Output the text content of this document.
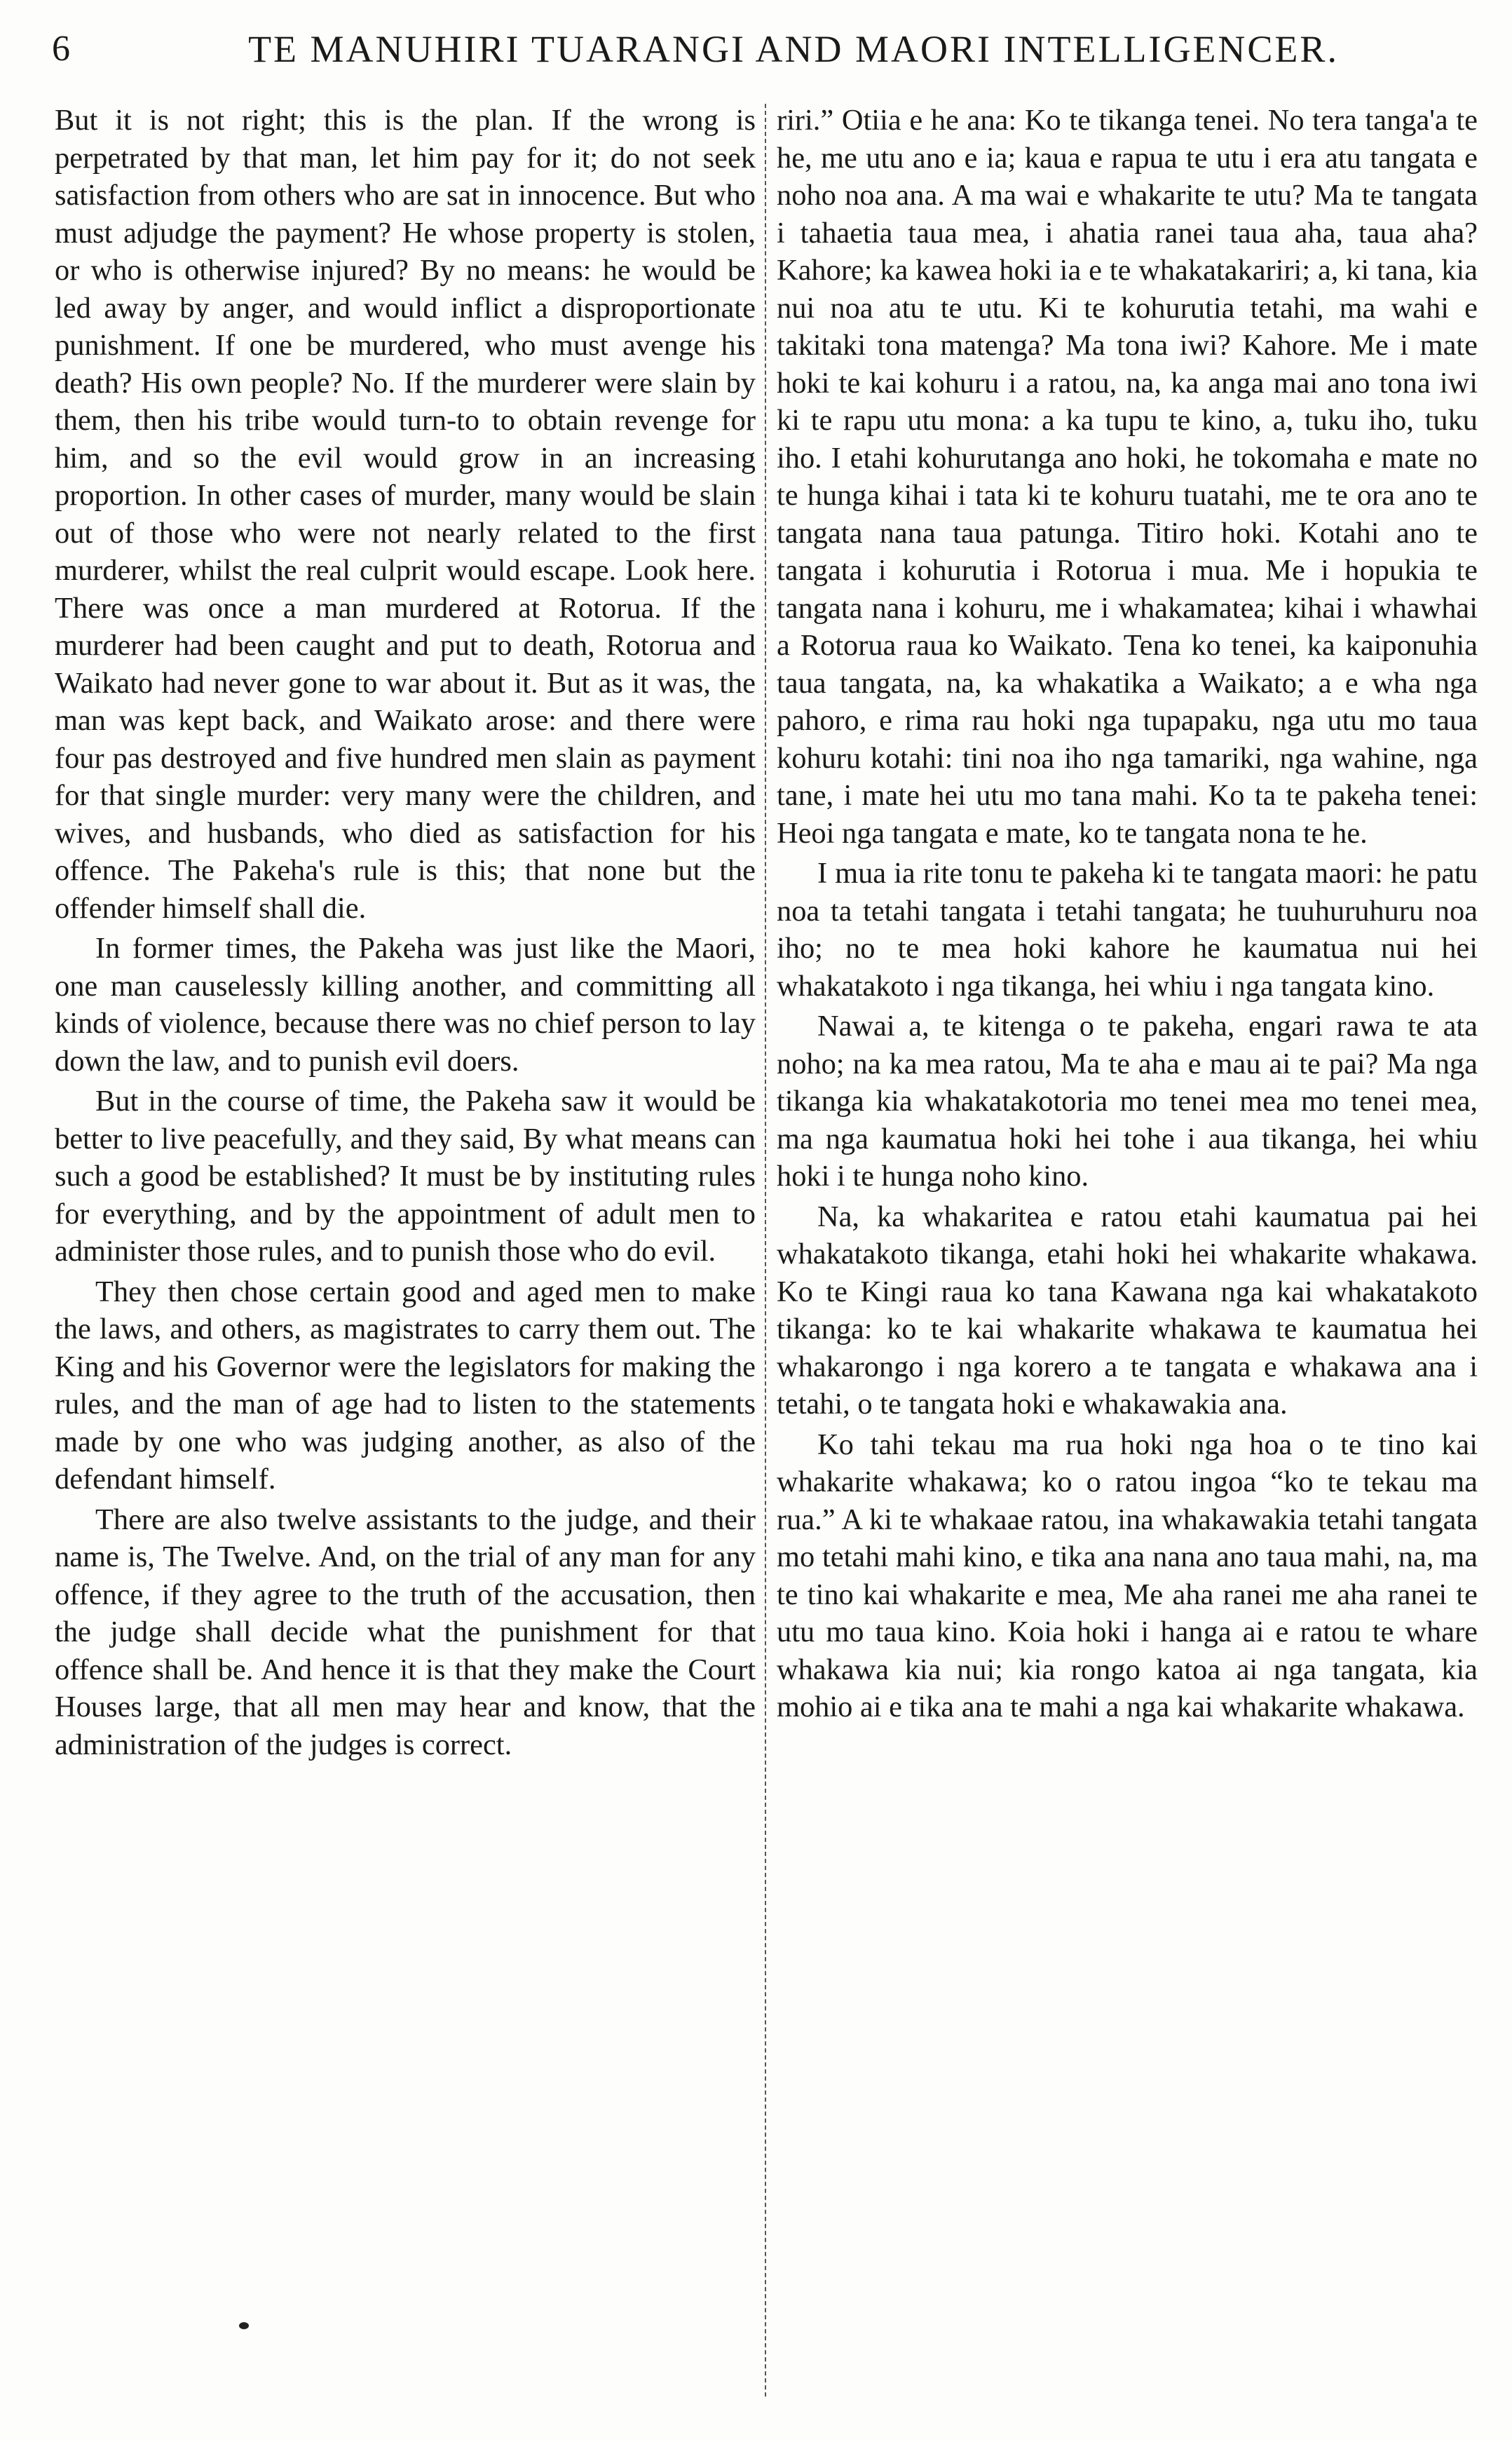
6	TE MANUHIRI TUARANGI AND MAORI INTELLIGENCER.

But it is not right; this is the plan. If the wrong is perpetrated by that man, let him pay for it; do not seek satisfaction from others who are sat in innocence. But who must adjudge the payment? He whose property is stolen, or who is otherwise injured? By no means: he would be led away by anger, and would inflict a disproportionate punishment. If one be murdered, who must avenge his death? His own people? No. If the murderer were slain by them, then his tribe would turn-to to obtain revenge for him, and so the evil would grow in an increasing proportion. In other cases of murder, many would be slain out of those who were not nearly related to the first murderer, whilst the real culprit would escape. Look here. There was once a man murdered at Rotorua. If the murderer had been caught and put to death, Rotorua and Waikato had never gone to war about it. But as it was, the man was kept back, and Waikato arose: and there were four pas destroyed and five hundred men slain as payment for that single murder: very many were the children, and wives, and husbands, who died as satisfaction for his offence. The Pakeha's rule is this; that none but the offender himself shall die.

In former times, the Pakeha was just like the Maori, one man causelessly killing another, and committing all kinds of violence, because there was no chief person to lay down the law, and to punish evil doers.

But in the course of time, the Pakeha saw it would be better to live peacefully, and they said, By what means can such a good be established? It must be by instituting rules for everything, and by the appointment of adult men to administer those rules, and to punish those who do evil.

They then chose certain good and aged men to make the laws, and others, as magistrates to carry them out. The King and his Governor were the legislators for making the rules, and the man of age had to listen to the statements made by one who was judging another, as also of the defendant himself.

There are also twelve assistants to the judge, and their name is, The Twelve. And, on the trial of any man for any offence, if they agree to the truth of the accusation, then the judge shall decide what the punishment for that offence shall be. And hence it is that they make the Court Houses large, that all men may hear and know, that the administration of the judges is correct.

riri.” Otiia e he ana: Ko te tikanga tenei. No tera tanga'a te he, me utu ano e ia; kaua e rapua te utu i era atu tangata e noho noa ana. A ma wai e whakarite te utu? Ma te tangata i tahaetia taua mea, i ahatia ranei taua aha, taua aha? Kahore; ka kawea hoki ia e te whakatakariri; a, ki tana, kia nui noa atu te utu. Ki te kohurutia tetahi, ma wahi e takitaki tona matenga? Ma tona iwi? Kahore. Me i mate hoki te kai kohuru i a ratou, na, ka anga mai ano tona iwi ki te rapu utu mona: a ka tupu te kino, a, tuku iho, tuku iho. I etahi kohurutanga ano hoki, he tokomaha e mate no te hunga kihai i tata ki te kohuru tuatahi, me te ora ano te tangata nana taua patunga. Titiro hoki. Kotahi ano te tangata i kohurutia i Rotorua i mua. Me i hopukia te tangata nana i kohuru, me i whakamatea; kihai i whawhai a Rotorua raua ko Waikato. Tena ko tenei, ka kaiponuhia taua tangata, na, ka whakatika a Waikato; a e wha nga pahoro, e rima rau hoki nga tupapaku, nga utu mo taua kohuru kotahi: tini noa iho nga tamariki, nga wahine, nga tane, i mate hei utu mo tana mahi. Ko ta te pakeha tenei: Heoi nga tangata e mate, ko te tangata nona te he.

I mua ia rite tonu te pakeha ki te tangata maori: he patu noa ta tetahi tangata i tetahi tangata; he tuuhuruhuru noa iho; no te mea hoki kahore he kaumatua nui hei whakatakoto i nga tikanga, hei whiu i nga tangata kino.

Nawai a, te kitenga o te pakeha, engari rawa te ata noho; na ka mea ratou, Ma te aha e mau ai te pai? Ma nga tikanga kia whakatakotoria mo tenei mea mo tenei mea, ma nga kaumatua hoki hei tohe i aua tikanga, hei whiu hoki i te hunga noho kino.

Na, ka whakaritea e ratou etahi kaumatua pai hei whakatakoto tikanga, etahi hoki hei whakarite whakawa. Ko te Kingi raua ko tana Kawana nga kai whakatakoto tikanga: ko te kai whakarite whakawa te kaumatua hei whakarongo i nga korero a te tangata e whakawa ana i tetahi, o te tangata hoki e whakawakia ana.

Ko tahi tekau ma rua hoki nga hoa o te tino kai whakarite whakawa; ko o ratou ingoa “ko te tekau ma rua.” A ki te whakaae ratou, ina whakawakia tetahi tangata mo tetahi mahi kino, e tika ana nana ano taua mahi, na, ma te tino kai whakarite e mea, Me aha ranei me aha ranei te utu mo taua kino. Koia hoki i hanga ai e ratou te whare whakawa kia nui; kia rongo katoa ai nga tangata, kia mohio ai e tika ana te mahi a nga kai whakarite whakawa.
